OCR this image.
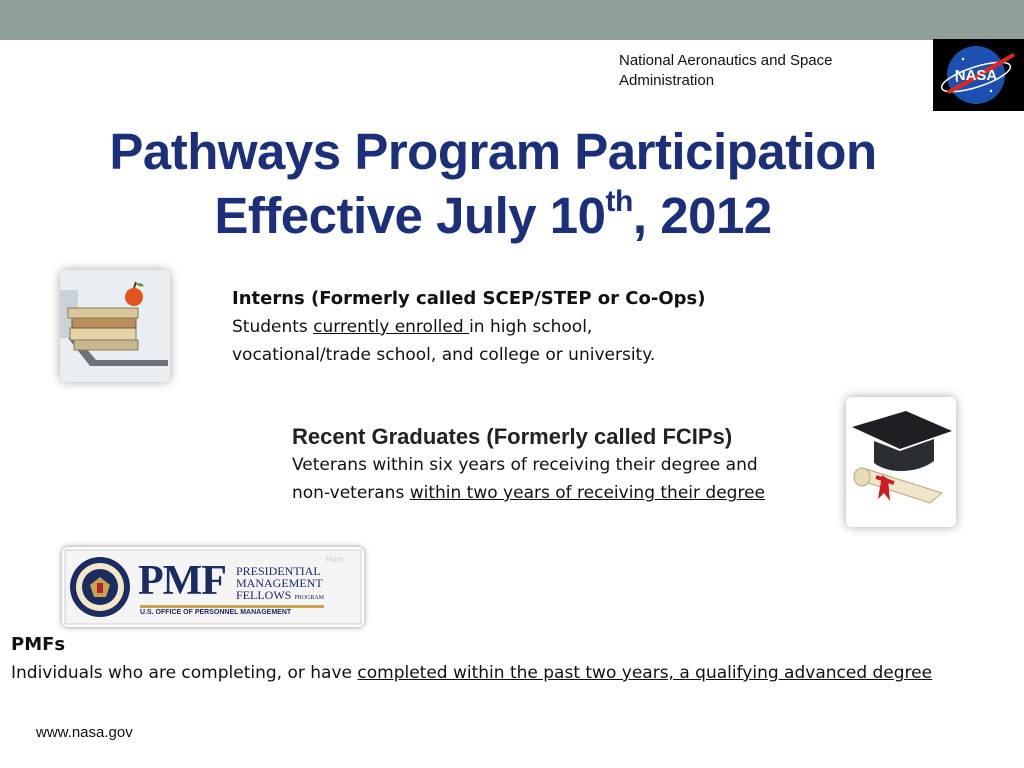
National Aeronautics and Space
Administration	NASA
Pathways Program Participation
Effective July 10th, 2012
PMF PRESIDENTIAL
MANAGEMENT
FELLOWS PROGRAM
U.S. OFFICE OF PERSONNEL MANAGEMENT
Hom
Interns (Formerly called SCEP/STEP or Co-Ops)
Students currently enrolled in high school,
vocational/trade school, and college or university.
Recent Graduates (Formerly called FCIPs)
Veterans within six years of receiving their degree and
non-veterans within two years of receiving their degree
PMFs
Individuals who are completing, or have completed within the past two years, a qualifying advanced degree
www.nasa.gov
